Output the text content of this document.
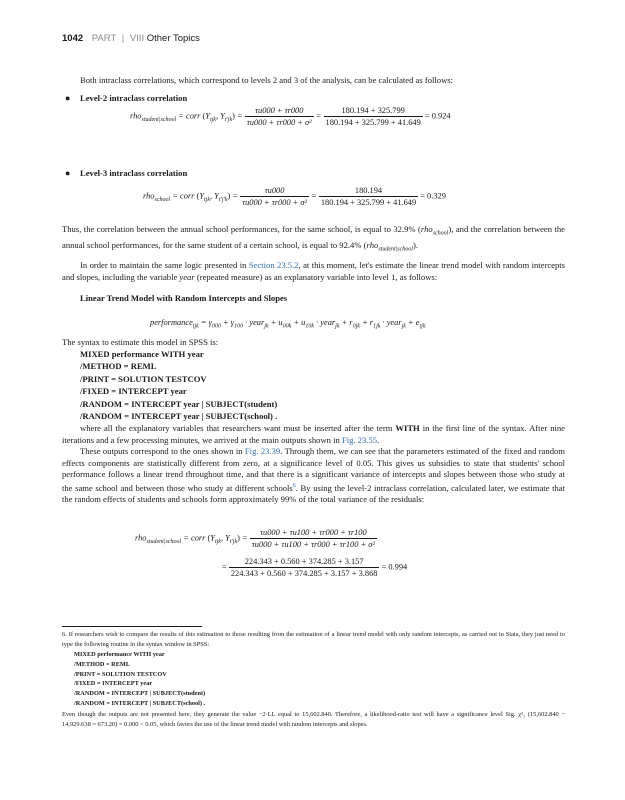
1042 PART | VIII Other Topics
Both intraclass correlations, which correspond to levels 2 and 3 of the analysis, can be calculated as follows:
● Level-2 intraclass correlation
rho$_{student|school}$ = corr ($Y_{tjk}$, $Y_{t'jk}) = \frac{\tau u000 + \tau r000}{\text{τu000 + τr000 + σ²}} = \frac{180.194 + 325.799}{180.194 + 325.799 + 41.649} = 0.924$
● Level-3 intraclass correlation
rho$_{school}$ = corr ($Y_{tjk}$, $Y_{t'j'k}) = \frac{\tau u000}{\text{τu000 + τr000 + σ²}} = \frac{180.194}{180.194 + 325.799 + 41.649} = 0.329$
Thus, the correlation between the annual school performances, for the same school, is equal to 32.9% (rho$_{school}$), and the correlation between the annual school performances, for the same student of a certain school, is equal to 92.4% (rho$_{student|school}$).
In order to maintain the same logic presented in Section 23.5.2, at this moment, let's estimate the linear trend model with random intercepts and slopes, including the variable year (repeated measure) as an explanatory variable into level 1, as follows:
Linear Trend Model with Random Intercepts and Slopes
performance$_{tjk}$ = $\gamma_{000} + \gamma_{100}$ · year$_{jk}$ + $u_{00k} + u_{10k}$ · year$_{jk}$ + $r_{0jk} + r_{1jk}$ · year$_{jk}$ + $e_{tjk}$
The syntax to estimate this model in SPSS is:
MIXED performance WITH year
/METHOD = REML
/PRINT = SOLUTION TESTCOV
/FIXED = INTERCEPT year
/RANDOM = INTERCEPT year | SUBJECT(student)
/RANDOM = INTERCEPT year | SUBJECT(school) .
where all the explanatory variables that researchers want must be inserted after the term WITH in the first line of the syntax. After nine iterations and a few processing minutes, we arrived at the main outputs shown in Fig. 23.55.
These outputs correspond to the ones shown in Fig. 23.39. Through them, we can see that the parameters estimated of the fixed and random effects components are statistically different from zero, at a significance level of 0.05. This gives us subsidies to state that students' school performance follows a linear trend throughout time, and that there is a significant variance of intercepts and slopes between those who study at the same school and between those who study at different schools$^6$. By using the level-2 intraclass correlation, calculated later, we estimate that the random effects of students and schools form approximately 99% of the total variance of the residuals:
rho$_{student|school}$ = corr ($Y_{tjk}$, $Y_{t'jk}) = \frac{\tau u000 + \tau u100 + \tau r000 + \tau r100}{\text{τu000 + τu100 + τr000 + τr100 + σ²}}$
= $\frac{224.343 + 0.560 + 374.285 + 3.157}{224.343 + 0.560 + 374.285 + 3.157 + 3.868} = 0.994$
6. If researchers wish to compare the results of this estimation to those resulting from the estimation of a linear trend model with only random intercepts, as carried out in Stata, they just need to type the following routine in the syntax window in SPSS:
MIXED performance WITH year
/METHOD = REML
/PRINT = SOLUTION TESTCOV
/FIXED = INTERCEPT year
/RANDOM = INTERCEPT | SUBJECT(student)
/RANDOM = INTERCEPT | SUBJECT(school) .
Even though the outputs are not presented here, they generate the value −2·LL equal to 15,602.840. Therefore, a likelihood-ratio test will have a significance level Sig. χ²₂ (15,602.840 − 14,929.638 = 673.20) = 0.000 < 0.05, which favors the use of the linear trend model with random intercepts and slopes.
